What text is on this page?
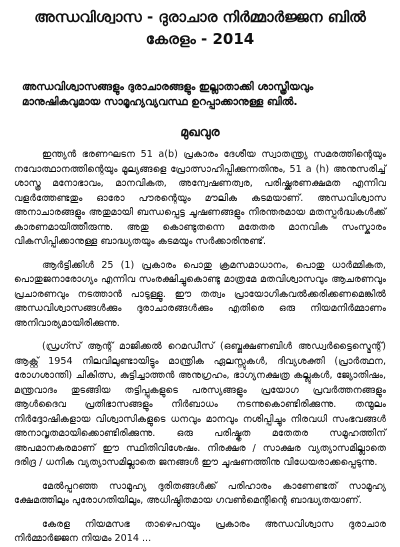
അന്ധവിശ്വാസ - ദുരാചാര നിർമ്മാർജ്ജന ബിൽ
കേരളം - 2014
അന്ധവിശ്വാസങ്ങളും ദുരാചാരങ്ങളും ഇല്ലാതാക്കി ശാസ്ത്രീയവും മാനുഷികവുമായ സാമൂഹ്യവ്യവസ്ഥ ഉറപ്പാക്കാനുള്ള ബിൽ.
മുഖവുര

ഇന്ത്യൻ ഭരണഘടന 51 a(b) പ്രകാരം ദേശീയ സ്വാതന്ത്ര്യ സമരത്തിന്റെയും നവോത്ഥാനത്തിന്റെയും മൂല്യങ്ങളെ പ്രോത്സാഹിപ്പിക്കുന്നതിനും, 51 a (h) അനുസരിച്ച് ശാസ്ത്ര മനോഭാവം, മാനവികത, അന്വേഷണത്വര, പരിഷ്ക്കരണക്ഷമത എന്നിവ വളർത്തേണ്ടതും ഓരോ പൗരന്റെയും മൗലിക കടമയാണ്. അന്ധവിശ്വാസ അനാചാരങ്ങളും അതുമായി ബന്ധപ്പെട്ട ചൂഷണങ്ങളും നിരന്തരമായ മതസ്പർദ്ധകൾക്ക് കാരണമായിത്തീരുന്നു. അതു കൊണ്ടുതന്നെ മതേതര മാനവിക സംസ്കാരം വികസിപ്പിക്കാനുള്ള ബാദ്ധ്യതയും കടമയും സർക്കാരിനുണ്ട്.

ആർട്ടിക്കിൾ 25 (1) പ്രകാരം പൊതു ക്രമസമാധാനം, പൊതു ധാർമ്മികത, പൊതുജനാരോഗ്യം എന്നിവ സംരക്ഷിച്ചുകൊണ്ടു മാത്രമേ മതവിശ്വാസവും ആചരണവും പ്രചാരണവും നടത്താൻ പാടുള്ളൂ. ഈ തത്വം പ്രായോഗികവൽക്കരിക്കണമെങ്കിൽ അന്ധവിശ്വാസങ്ങൾക്കും ദുരാചാരങ്ങൾക്കും എതിരെ ഒരു നിയമനിർമ്മാണം അനിവാര്യമായിരിക്കുന്നു.

(ഡ്രഗ്സ് ആന്റ് മാജിക്കൽ റെമഡീസ് (ഒബ്ജക്ഷണബിൾ അഡ്വർട്ടൈസ്മെന്റ്) ആക്റ്റ് 1954 നിലവിലുണ്ടായിട്ടും മാന്ത്രിക ഏലസ്സുകൾ, ദിവ്യശക്തി (പ്രാർത്ഥന, രോഗശാന്തി) ചികിത്സ, കുട്ടിച്ചാത്തൻ അനുഗ്രഹം, ഭാഗ്യനക്ഷത്ര കല്ലുകൾ, ജ്യോതിഷം, മന്ത്രവാദം തുടങ്ങിയ തട്ടിപ്പുകളുടെ പരസ്യങ്ങളും പ്രയോഗ പ്രവർത്തനങ്ങളും ആൾദൈവ പ്രതിഭാസങ്ങളും നിർബാധം നടന്നുകൊണ്ടിരിക്കുന്നു. തന്മൂലം നിർദ്ദോഷികളായ വിശ്വാസികളുടെ ധനവും മാനവും നശിപ്പിച്ചും നിരവധി സംഭവങ്ങൾ അനാവൃതമായിക്കൊണ്ടിരിക്കുന്നു. ഒരു പരിഷ്കൃത മതേതര സമൂഹത്തിന് അപമാനകരമാണ് ഈ സ്ഥിതിവിശേഷം. നിരക്ഷര / സാക്ഷര വ്യത്യാസമില്ലാതെ ദരിദ്ര / ധനിക വ്യത്യാസമില്ലാതെ ജനങ്ങൾ ഈ ചൂഷണത്തിനു വിധേയരാക്കപ്പെടുന്നു.

മേൽപ്പറഞ്ഞ സാമൂഹ്യ ദുരിതങ്ങൾക്ക് പരിഹാരം കാണേണ്ടത് സാമൂഹ്യ ക്ഷേമത്തിലും പുരോഗതിയിലും, അധിഷ്ഠിതമായ ഗവൺമെന്റിന്റെ ബാദ്ധ്യതയാണ്.

കേരള നിയമസഭ താഴെപറയും പ്രകാരം അന്ധവിശ്വാസ ദുരാചാര നിർമ്മാർജ്ജന നിയമം 2014 ...
